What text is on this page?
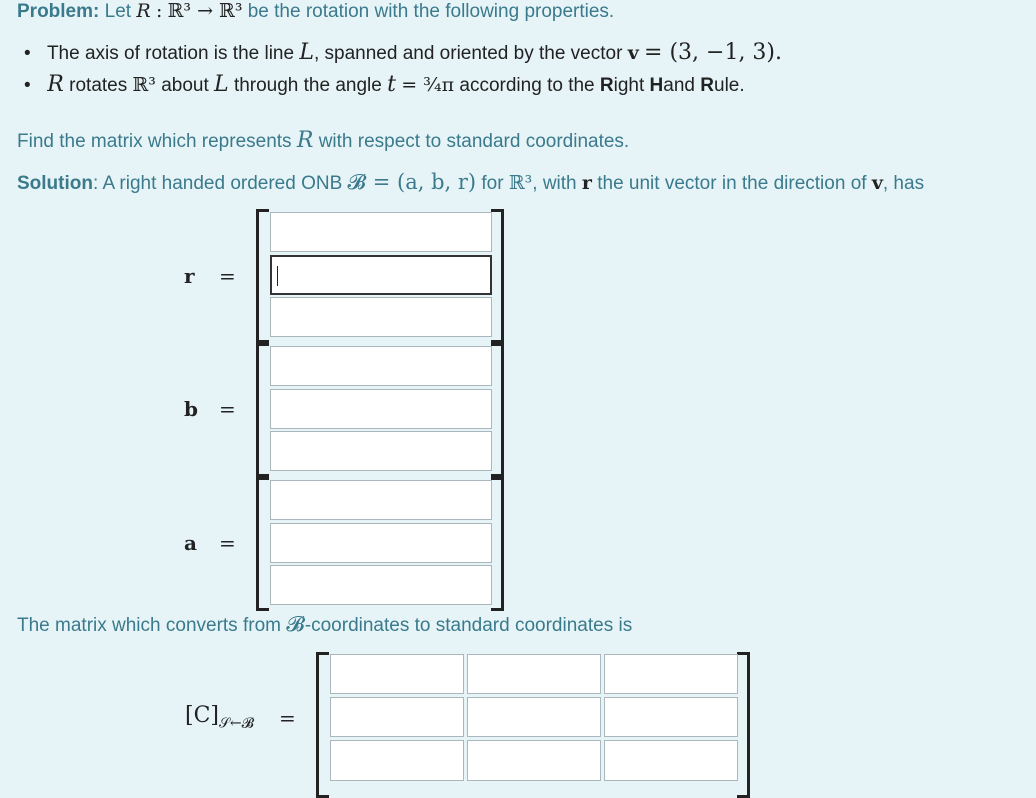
Problem: Let R : ℝ³ → ℝ³ be the rotation with the following properties.
• The axis of rotation is the line L, spanned and oriented by the vector v = (3, −1, 3).
• R rotates ℝ³ about L through the angle t = ¾π according to the Right Hand Rule.
Find the matrix which represents R with respect to standard coordinates.
Solution: A right handed ordered ONB 𝓑 = (a, b, r) for ℝ³, with r the unit vector in the direction of v, has
r =
b =
a =
The matrix which converts from 𝓑-coordinates to standard coordinates is
$[C]_{𝒮\leftarrow 𝓑}$ =
